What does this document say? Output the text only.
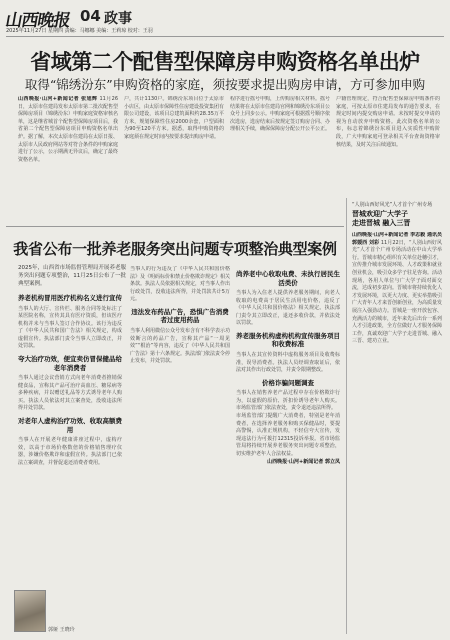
山西晚报 04 政事
2025年11月27日 星期四 责编：马娜娜 美编：王莉琼 校对：王羽
省域第二个配售型保障房申购资格名单出炉
取得“锦绣汾东”申购资格的家庭，须按要求提出购房申请，方可参加申购
山西晚报·山河+新闻记者 张旭辉 11月26日，太原市住建局发布太原市第二批次配售型保障房项目（锦绣汾东）申购家庭资格审核名单，这是继省城首个配售型保障房项目后，我省第二个配售型保障房项目申购资格名单出炉。据了解，本次太原市住建局在太原日报、太原市人民政府网站等对符合条件的申购家庭进行了公示，公示期满无异议后，确定了最终资格名单。
户，共计1130户。锦绣汾东项目位于太原市小店区，由太原市保障性住房建设投资集团有限公司建设，该项目总建筑面积约28.35万平方米，规划保障性住房2000余套，户型面积为90至120平方米。据悉，取得申购资格的家庭须在规定时间内按要求提出购房申请。
程序进行摇号申购，上传购房相关材料。摇号结果将在太原市住建局官网和锦绣汾东项目公众号上同步公示。申购家庭可根据摇号顺序依次选房，选房结束后按规定签订购房合同、办理相关手续，确保保障房分配公开公平公正。
户籍管理规定，符合配售型保障房申购条件的家庭，可按太原市住建局发布的通告要求，在规定时间内提交购房申请。未按时提交申请的视为自动放弃申购资格。此次资格名单的公布，标志着锦绣汾东项目进入实质性申购阶段，广大申购家庭可登录相关平台查询资格审核结果，及时关注后续通知。
我省公布一批养老服务突出问题专项整治典型案例
2025年，山西省市场监督管理局开展养老服务突出问题专项整治，11月25日公布了一批典型案例。
养老机构冒用医疗机构名义进行宣传
当事人的大厅、宣传栏、服务合同等处标注了某医院名称，宣传其具有医疗资质，但该医疗机构并未与当事人签订合作协议。该行为违反了《中华人民共和国广告法》相关规定，构成虚假宣传。执法部门责令当事人立即改正，并处罚款。
夸大治疗功效，便宜卖仿冒保健品给老年消费者
当事人通过会议营销方式向老年消费者推销保健食品，宣称其产品可治疗高血压、糖尿病等多种疾病，并以赠送礼品等方式诱导老年人购买。执法人员依法对其立案查处，没收违法所得并处罚款。
对老年人虚构治疗功效、收取高额费用
当事人在开展老年健康讲座过程中，虚构疗效，以高于市场价格数倍的价格销售理疗仪器，涉嫌价格欺诈和虚假宣传。执法部门已依法立案调查，并督促退还消费者费用。
当事人的行为违反了《中华人民共和国价格法》及《明码标价和禁止价格欺诈规定》相关条款。执法人员依据相关规定，对当事人作出行政处罚，没收违法所得，并处罚款共计5万元。
违法发布药品广告，恐惧广告消费者过度用药品
当事人利用微信公众号发布含有不科学表示功效断言的药品广告，宣称其产品“一周见效”“根治”等内容，违反了《中华人民共和国广告法》第十六条规定。执法部门依法责令停止发布，并处罚款。
尚养老中心收取电费、未执行居民生活类价
当事人为入住老人提供养老服务期间，向老人收取的电费高于居民生活用电价格，违反了《中华人民共和国价格法》相关规定。执法部门责令其立即改正，退还多收价款，并依法处以罚款。
养老服务机构虚构机构宣传服务项目和收费标准
当事人在其宣传资料中虚构服务项目及收费标准，误导消费者。执法人员经调查取证后，依法对其作出行政处罚，并责令限期整改。
价格诈骗问题调查
当事人在销售养老产品过程中存在价格欺诈行为，以虚假的原价、折扣价诱导老年人购买。市场监管部门依法查处，责令退还违法所得。
市场监管部门提醒广大消费者，特别是老年消费者，在选择养老服务和购买保健品时，要提高警惕，认准正规机构，不轻信夸大宣传，发现违法行为可拨打12315投诉举报。省市场监管局将持续开展养老服务突出问题专项整治，切实维护老年人合法权益。
山西晚报·山河+新闻记者 郭立凤
“人别山西好风光”人才首个广州专场
晋城欢迎广大学子
走进晋城 融入三晋
山西晚报·山河+新闻记者 李志毅 通讯员 郭媛西 刘彩 11月22日，“人别山西好风光”人才首个广州专场活动在中山大学举行。晋城市精心组织有关单位赴穗引才，宣传推介城市发展环境、人才政策和就业创业机会，吸引众多学子驻足咨询。活动现场，各用人单位与广大学子面对面交流，达成初步意向。晋城市将持续优化人才发展环境，以更大力度、更实举措吸引广大青年人才来晋创新创业，为高质量发展注入强劲动力。晋城是一座开放包容、充满活力的城市，近年来先后出台一系列人才引进政策，全方位做好人才服务保障工作，真诚欢迎广大学子走进晋城、融入三晋、建功立业。
郭娅 王晓玲
